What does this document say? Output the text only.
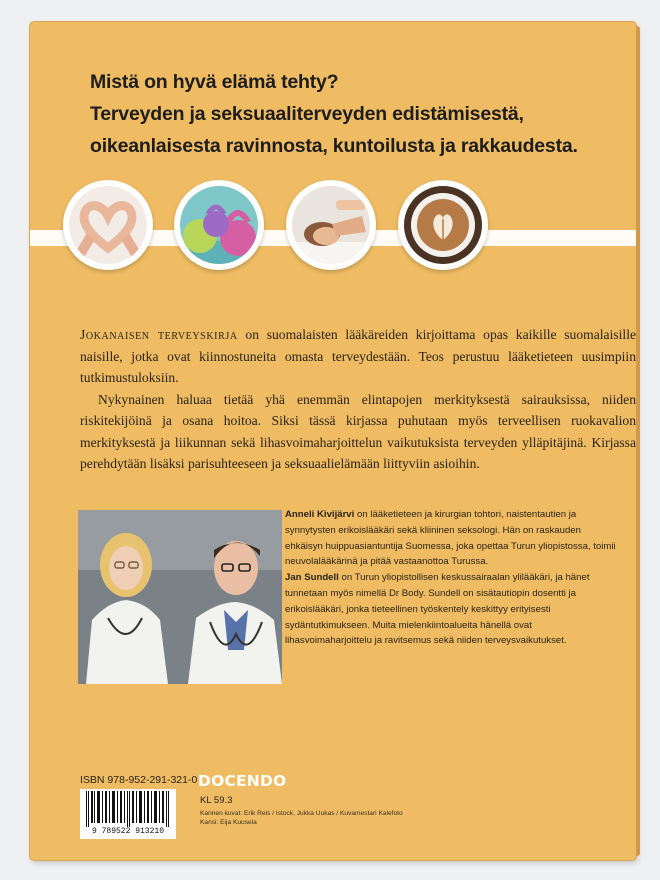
Mistä on hyvä elämä tehty?
Terveyden ja seksuaaliterveyden edistämisestä,
oikeanlaisesta ravinnosta, kuntoilusta ja rakkaudesta.

Jokanaisen terveyskirja on suomalaisten lääkäreiden kirjoittama opas kaikille suomalaisille naisille, jotka ovat kiinnostuneita omasta terveydestään. Teos perustuu lääketieteen uusimpiin tutkimustuloksiin.

Nykynainen haluaa tietää yhä enemmän elintapojen merkityksestä sairauksissa, niiden riskitekijöinä ja osana hoitoa. Siksi tässä kirjassa puhutaan myös terveellisen ruokavalion merkityksestä ja liikunnan sekä lihasvoimaharjoittelun vaikutuksista terveyden ylläpitäjinä. Kirjassa perehdytään lisäksi parisuhteeseen ja seksuaalielämään liittyviin asioihin.

Anneli Kivijärvi on lääketieteen ja kirurgian tohtori, naistentautien ja synnytysten erikoislääkäri sekä kliininen seksologi. Hän on raskauden ehkäisyn huippuasiantuntija Suomessa, joka opettaa Turun yliopistossa, toimii neuvolalääkärinä ja pitää vastaanottoa Turussa.

Jan Sundell on Turun yliopistollisen keskussairaalan ylilääkäri, ja hänet tunnetaan myös nimellä Dr Body. Sundell on sisätautiopin dosentti ja erikoislääkäri, jonka tieteellinen työskentely keskittyy erityisesti sydäntutkimukseen. Muita mielenkiintoalueita hänellä ovat lihasvoimaharjoittelu ja ravitsemus sekä niiden terveysvaikutukset.

ISBN 978-952-291-321-0
9 789522 913210
DOCENDO
KL 59.3
Kannen kuvat: Erik Reis / Istock, Jukka Uukas / Kuvamestari Kalefoto
Kansi: Eija Kuusela
